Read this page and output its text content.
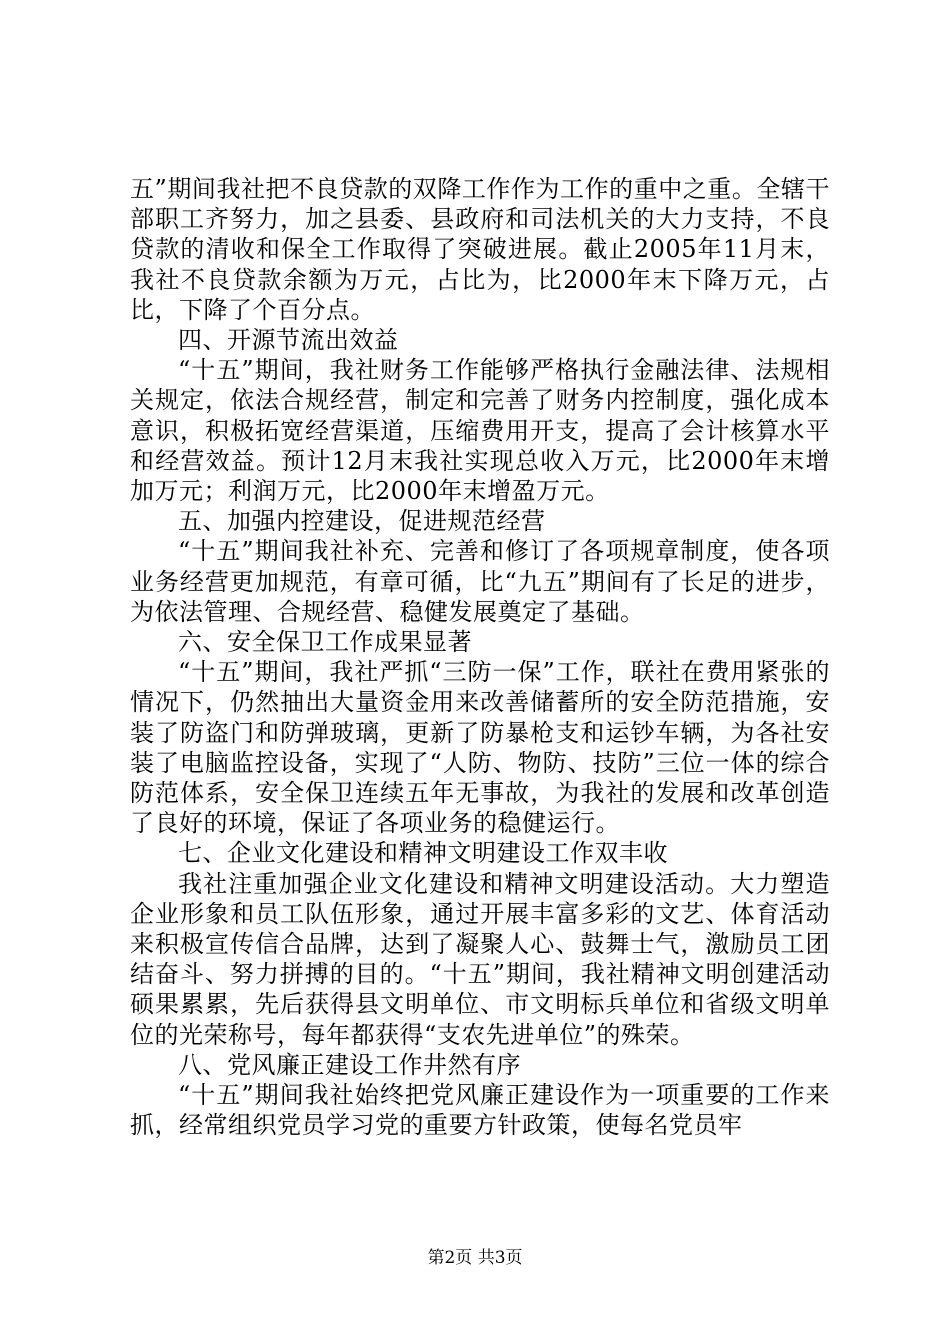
五”期间我社把不良贷款的双降工作作为工作的重中之重。全辖干部职工齐努力，加之县委、县政府和司法机关的大力支持，不良贷款的清收和保全工作取得了突破进展。截止2005年11月末，我社不良贷款余额为万元，占比为，比2000年末下降万元，占比，下降了个百分点。

四、开源节流出效益

“十五”期间，我社财务工作能够严格执行金融法律、法规相关规定，依法合规经营，制定和完善了财务内控制度，强化成本意识，积极拓宽经营渠道，压缩费用开支，提高了会计核算水平和经营效益。预计12月末我社实现总收入万元，比2000年末增加万元；利润万元，比2000年末增盈万元。

五、加强内控建设，促进规范经营

“十五”期间我社补充、完善和修订了各项规章制度，使各项业务经营更加规范，有章可循，比“九五”期间有了长足的进步，为依法管理、合规经营、稳健发展奠定了基础。

六、安全保卫工作成果显著

“十五”期间，我社严抓“三防一保”工作，联社在费用紧张的情况下，仍然抽出大量资金用来改善储蓄所的安全防范措施，安装了防盗门和防弹玻璃，更新了防暴枪支和运钞车辆，为各社安装了电脑监控设备，实现了“人防、物防、技防”三位一体的综合防范体系，安全保卫连续五年无事故，为我社的发展和改革创造了良好的环境，保证了各项业务的稳健运行。

七、企业文化建设和精神文明建设工作双丰收

我社注重加强企业文化建设和精神文明建设活动。大力塑造企业形象和员工队伍形象，通过开展丰富多彩的文艺、体育活动来积极宣传信合品牌，达到了凝聚人心、鼓舞士气，激励员工团结奋斗、努力拼搏的目的。“十五”期间，我社精神文明创建活动硕果累累，先后获得县文明单位、市文明标兵单位和省级文明单位的光荣称号，每年都获得“支农先进单位”的殊荣。

八、党风廉正建设工作井然有序

“十五”期间我社始终把党风廉正建设作为一项重要的工作来抓，经常组织党员学习党的重要方针政策，使每名党员牢

第2页 共3页
